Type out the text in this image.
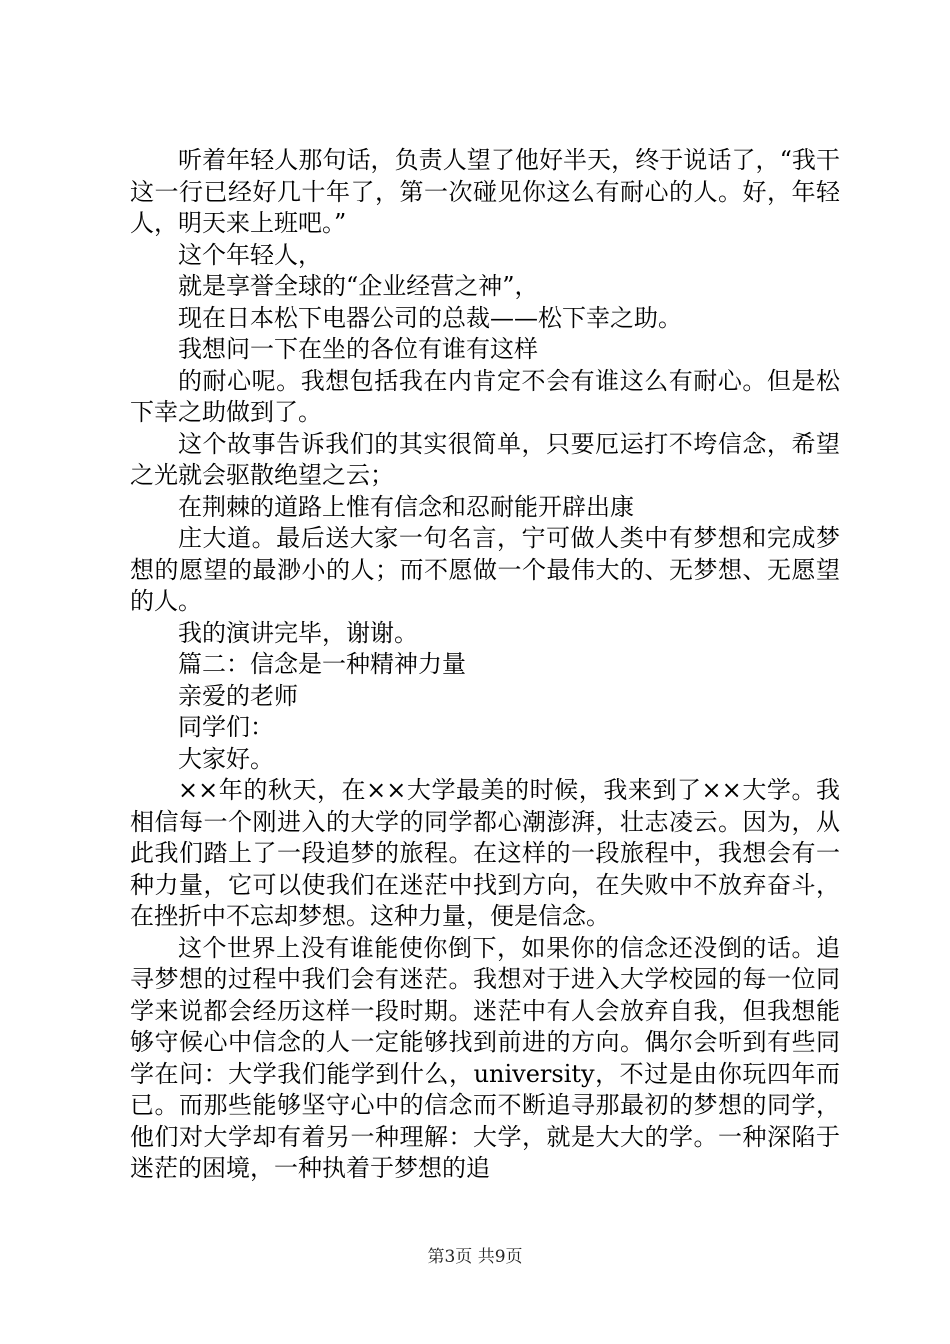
听着年轻人那句话，负责人望了他好半天，终于说话了，“我干这一行已经好几十年了，第一次碰见你这么有耐心的人。好，年轻人，明天来上班吧。”

这个年轻人，

就是享誉全球的“企业经营之神”，

现在日本松下电器公司的总裁——松下幸之助。

我想问一下在坐的各位有谁有这样

的耐心呢。我想包括我在内肯定不会有谁这么有耐心。但是松下幸之助做到了。

这个故事告诉我们的其实很简单，只要厄运打不垮信念，希望之光就会驱散绝望之云；

在荆棘的道路上惟有信念和忍耐能开辟出康

庄大道。最后送大家一句名言，宁可做人类中有梦想和完成梦想的愿望的最渺小的人；而不愿做一个最伟大的、无梦想、无愿望的人。

我的演讲完毕，谢谢。

篇二：信念是一种精神力量

亲爱的老师

同学们：

大家好。

××年的秋天，在××大学最美的时候，我来到了××大学。我相信每一个刚进入的大学的同学都心潮澎湃，壮志凌云。因为，从此我们踏上了一段追梦的旅程。在这样的一段旅程中，我想会有一种力量，它可以使我们在迷茫中找到方向，在失败中不放弃奋斗，在挫折中不忘却梦想。这种力量，便是信念。

这个世界上没有谁能使你倒下，如果你的信念还没倒的话。追寻梦想的过程中我们会有迷茫。我想对于进入大学校园的每一位同学来说都会经历这样一段时期。迷茫中有人会放弃自我，但我想能够守候心中信念的人一定能够找到前进的方向。偶尔会听到有些同学在问：大学我们能学到什么，university，不过是由你玩四年而已。而那些能够坚守心中的信念而不断追寻那最初的梦想的同学，他们对大学却有着另一种理解：大学，就是大大的学。一种深陷于迷茫的困境，一种执着于梦想的追

第3页 共9页
